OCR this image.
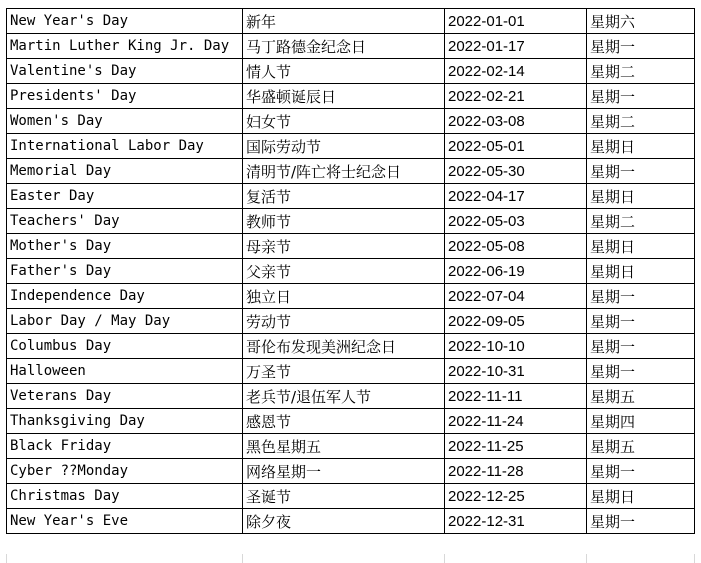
New Year's Day	新年	2022-01-01	星期六
Martin Luther King Jr. Day	马丁路德金纪念日	2022-01-17	星期一
Valentine's Day	情人节	2022-02-14	星期二
Presidents' Day	华盛顿诞辰日	2022-02-21	星期一
Women's Day	妇女节	2022-03-08	星期二
International Labor Day	国际劳动节	2022-05-01	星期日
Memorial Day	清明节/阵亡将士纪念日	2022-05-30	星期一
Easter Day	复活节	2022-04-17	星期日
Teachers' Day	教师节	2022-05-03	星期二
Mother's Day	母亲节	2022-05-08	星期日
Father's Day	父亲节	2022-06-19	星期日
Independence Day	独立日	2022-07-04	星期一
Labor Day / May Day	劳动节	2022-09-05	星期一
Columbus Day	哥伦布发现美洲纪念日	2022-10-10	星期一
Halloween	万圣节	2022-10-31	星期一
Veterans Day	老兵节/退伍军人节	2022-11-11	星期五
Thanksgiving Day	感恩节	2022-11-24	星期四
Black Friday	黑色星期五	2022-11-25	星期五
Cyber ??Monday	网络星期一	2022-11-28	星期一
Christmas Day	圣诞节	2022-12-25	星期日
New Year's Eve	除夕夜	2022-12-31	星期一
